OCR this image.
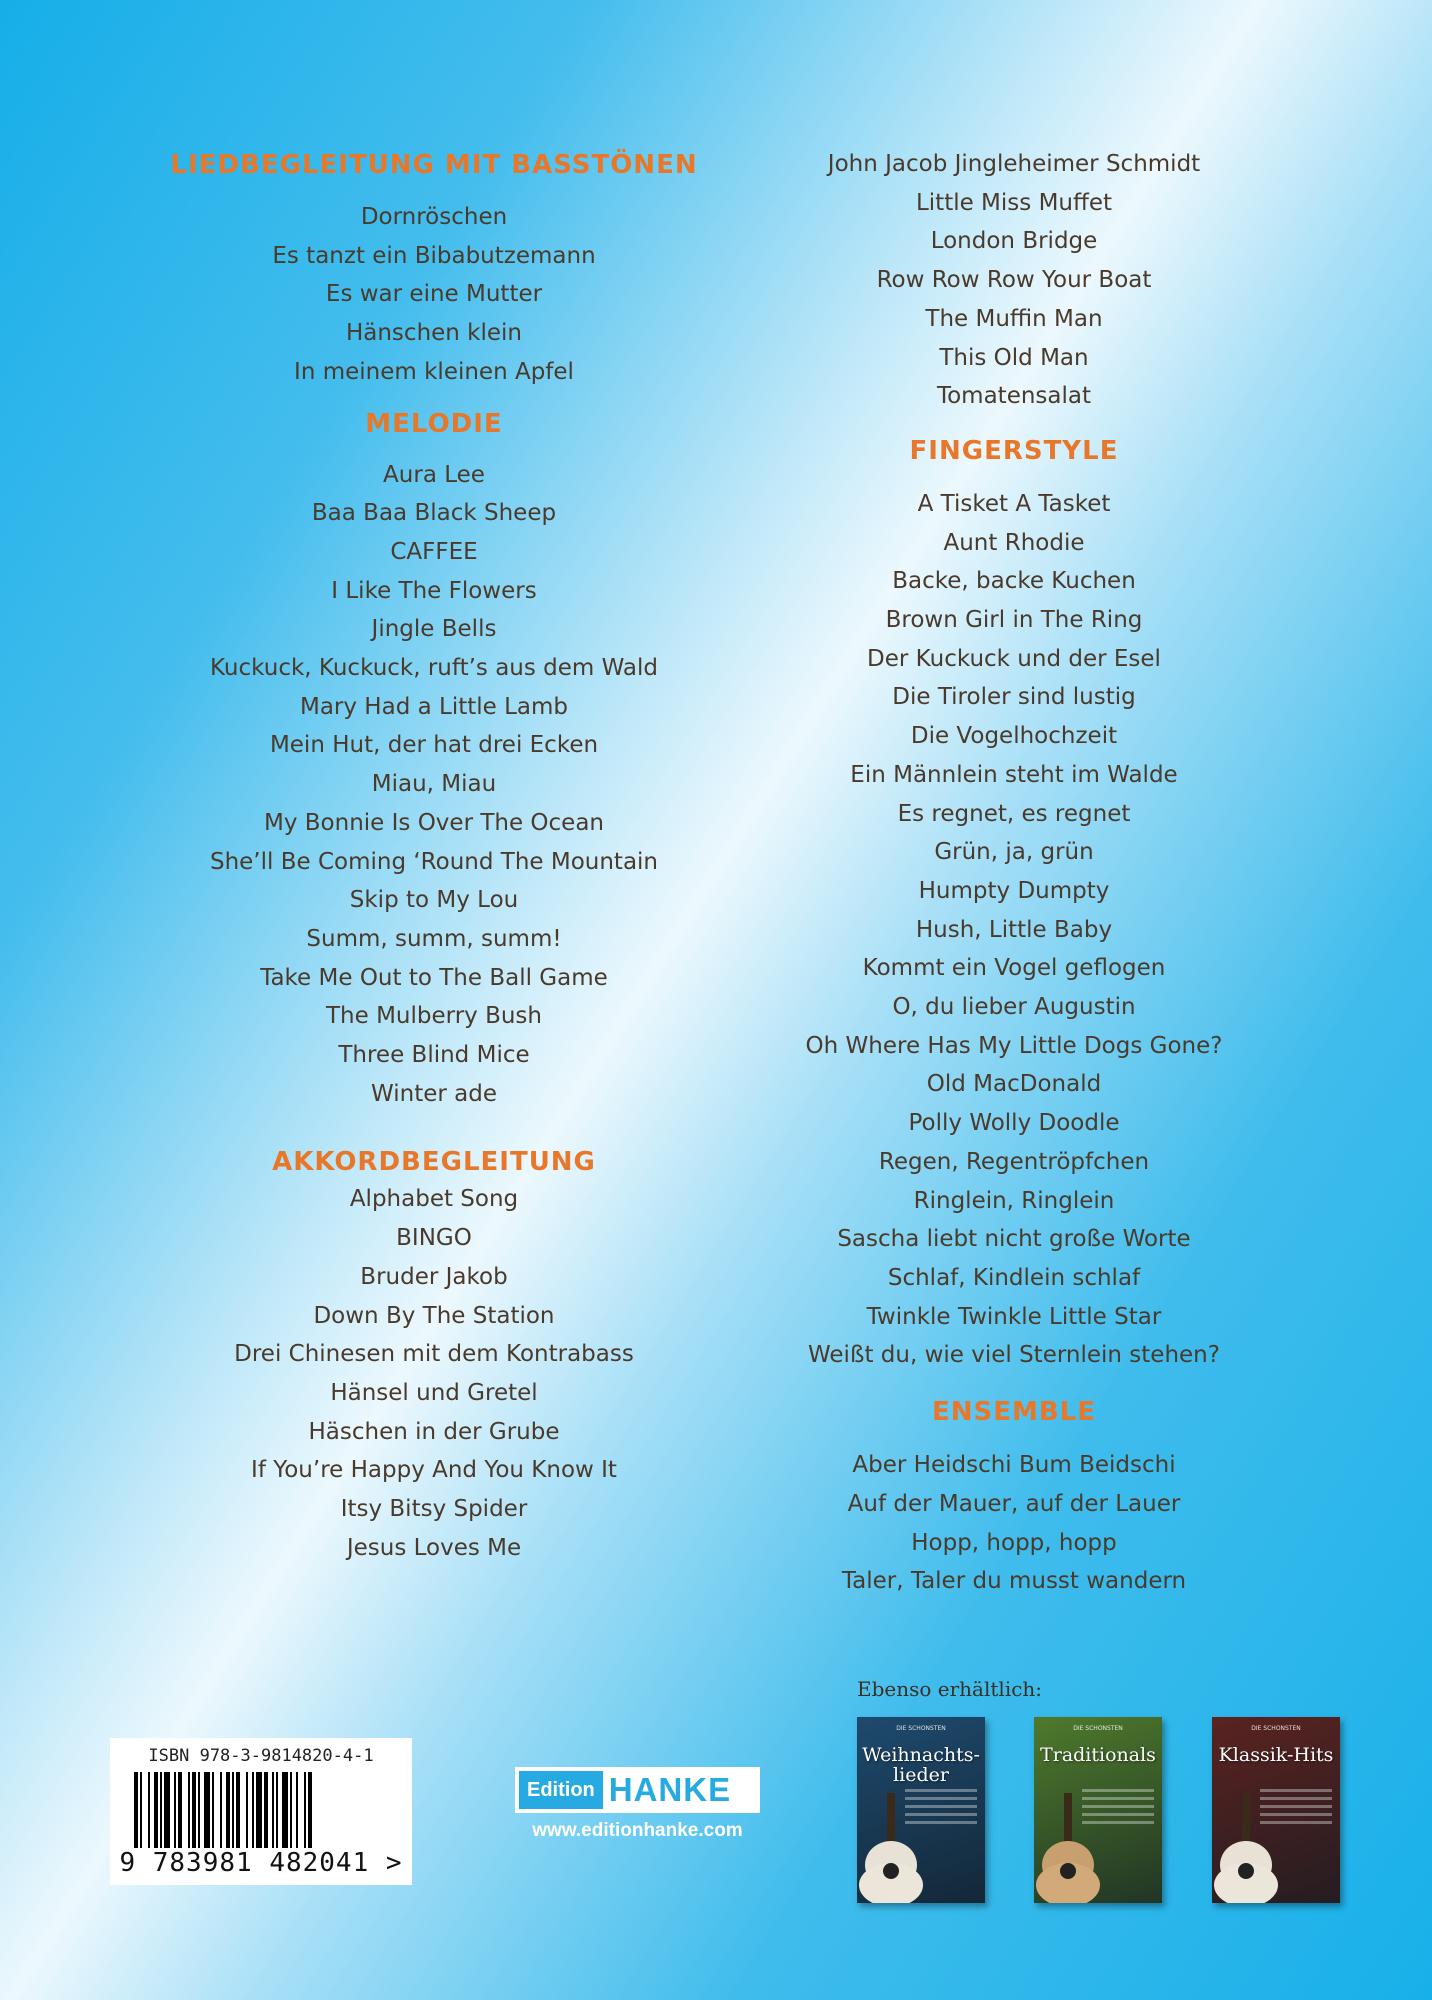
LIEDBEGLEITUNG MIT BASSTÖNEN
Dornröschen
Es tanzt ein Bibabutzemann
Es war eine Mutter
Hänschen klein
In meinem kleinen Apfel
MELODIE
Aura Lee
Baa Baa Black Sheep
CAFFEE
I Like The Flowers
Jingle Bells
Kuckuck, Kuckuck, ruft’s aus dem Wald
Mary Had a Little Lamb
Mein Hut, der hat drei Ecken
Miau, Miau
My Bonnie Is Over The Ocean
She’ll Be Coming ‘Round The Mountain
Skip to My Lou
Summ, summ, summ!
Take Me Out to The Ball Game
The Mulberry Bush
Three Blind Mice
Winter ade
AKKORDBEGLEITUNG
Alphabet Song
BINGO
Bruder Jakob
Down By The Station
Drei Chinesen mit dem Kontrabass
Hänsel und Gretel
Häschen in der Grube
If You’re Happy And You Know It
Itsy Bitsy Spider
Jesus Loves Me
John Jacob Jingleheimer Schmidt
Little Miss Muffet
London Bridge
Row Row Row Your Boat
The Muffin Man
This Old Man
Tomatensalat
FINGERSTYLE
A Tisket A Tasket
Aunt Rhodie
Backe, backe Kuchen
Brown Girl in The Ring
Der Kuckuck und der Esel
Die Tiroler sind lustig
Die Vogelhochzeit
Ein Männlein steht im Walde
Es regnet, es regnet
Grün, ja, grün
Humpty Dumpty
Hush, Little Baby
Kommt ein Vogel geflogen
O, du lieber Augustin
Oh Where Has My Little Dogs Gone?
Old MacDonald
Polly Wolly Doodle
Regen, Regentröpfchen
Ringlein, Ringlein
Sascha liebt nicht große Worte
Schlaf, Kindlein schlaf
Twinkle Twinkle Little Star
Weißt du, wie viel Sternlein stehen?
ENSEMBLE
Aber Heidschi Bum Beidschi
Auf der Mauer, auf der Lauer
Hopp, hopp, hopp
Taler, Taler du musst wandern
ISBN 978-3-9814820-4-1
9 783981 482041 >
Edition HANKE
www.editionhanke.com
Ebenso erhältlich:
DIE SCHÖNSTEN
Weihnachts-lieder
DIE SCHÖNSTEN
Traditionals
DIE SCHÖNSTEN
Klassik-Hits
